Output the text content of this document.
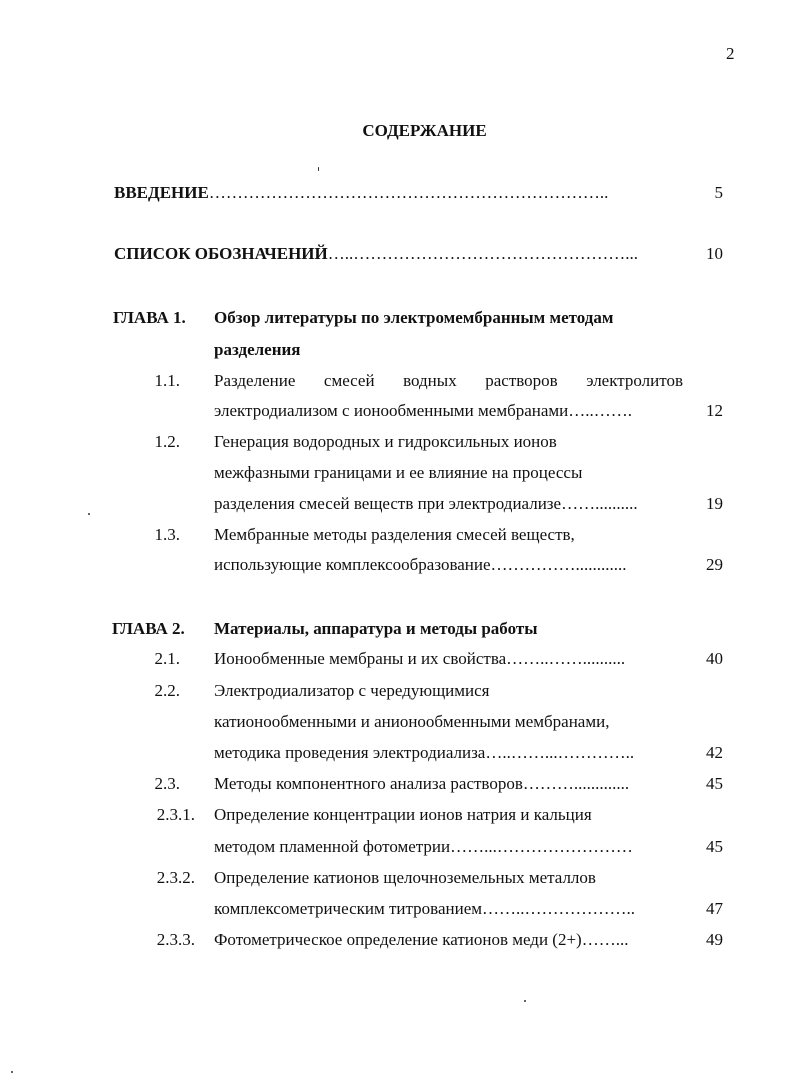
2
СОДЕРЖАНИЕ
ВВЕДЕНИЕ……………………………………………………………..	5
СПИСОК ОБОЗНАЧЕНИЙ…..…………………………………………...	10
ГЛАВА 1. Обзор литературы по электромембранным методам
разделения
1.1. Разделение смесей водных растворов электролитов
электродиализом с ионообменными мембранами…..…….	12
1.2. Генерация водородных и гидроксильных ионов
межфазными границами и ее влияние на процессы
разделения смесей веществ при электродиализе……..........	19
1.3. Мембранные методы разделения смесей веществ,
использующие комплексообразование……………............	29
ГЛАВА 2. Материалы, аппаратура и методы работы
2.1. Ионообменные мембраны и их свойства……..……..........	40
2.2. Электродиализатор с чередующимися
катионообменными и анионообменными мембранами,
методика проведения электродиализа…..……...…………..	42
2.3. Методы компонентного анализа растворов……….............	45
2.3.1. Определение концентрации ионов натрия и кальция
методом пламенной фотометрии……...……………………	45
2.3.2. Определение катионов щелочноземельных металлов
комплексометрическим титрованием……..………………..	47
2.3.3. Фотометрическое определение катионов меди (2+)……...	49
